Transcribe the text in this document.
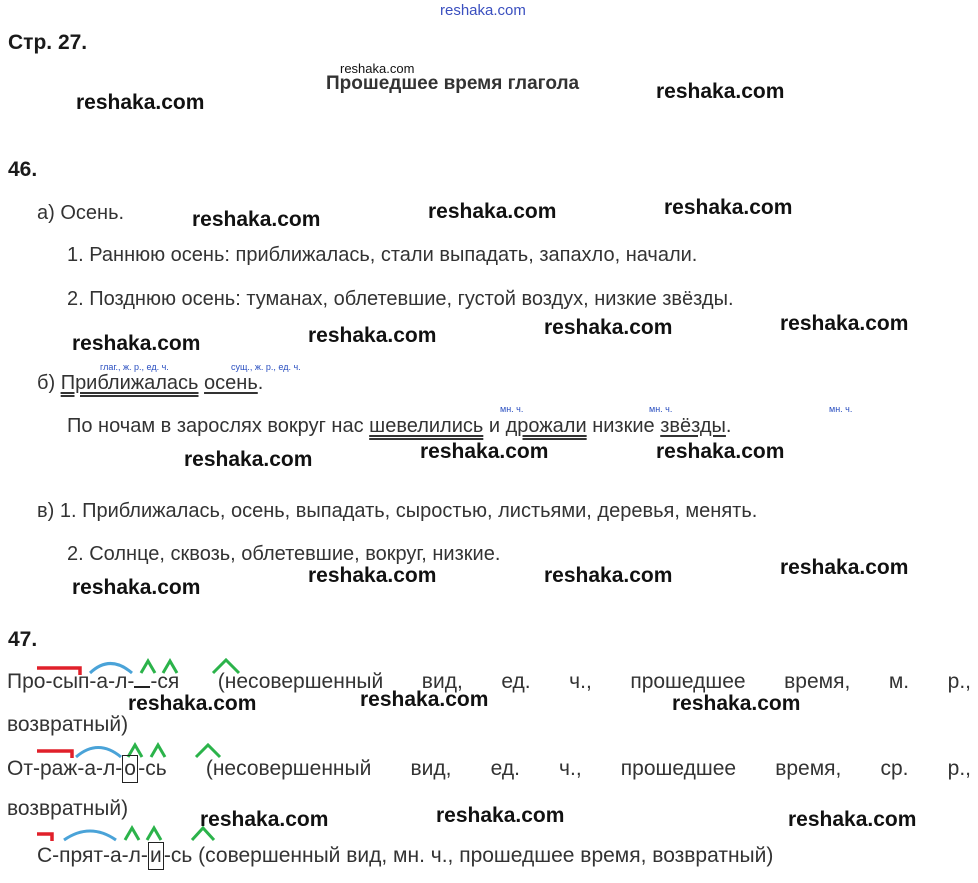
reshaka.com
reshaka.com
reshaka.com	reshaka.com
reshaka.com	reshaka.com	reshaka.com
reshaka.com	reshaka.com	reshaka.com	reshaka.com
reshaka.com	reshaka.com	reshaka.com
reshaka.com
reshaka.com	reshaka.com	reshaka.com
reshaka.com	reshaka.com	reshaka.com
reshaka.com	reshaka.com	reshaka.com
Стр. 27.
Прошедшее время глагола
46.
а) Осень.
1. Раннюю осень: приближалась, стали выпадать, запахло, начали.
2. Позднюю осень: туманах, облетевшие, густой воздух, низкие звёзды.
глаг., ж. р., ед. ч.	сущ., ж. р., ед. ч.
б) Приближалась осень.
мн. ч.	мн. ч.	мн. ч.
По ночам в зарослях вокруг нас шевелились и дрожали низкие звёзды.
в) 1. Приближалась, осень, выпадать, сыростью, листьями, деревья, менять.
2. Солнце, сквозь, облетевшие, вокруг, низкие.
47.
Про-сып-а-л- -ся (несовершенный вид, ед. ч., прошедшее время, м. р.,
возвратный)
От-раж-а-л-о -сь (несовершенный вид, ед. ч., прошедшее время, ср. р.,
возвратный)
С-прят-а-л- и -сь (совершенный вид, мн. ч., прошедшее время, возвратный)
